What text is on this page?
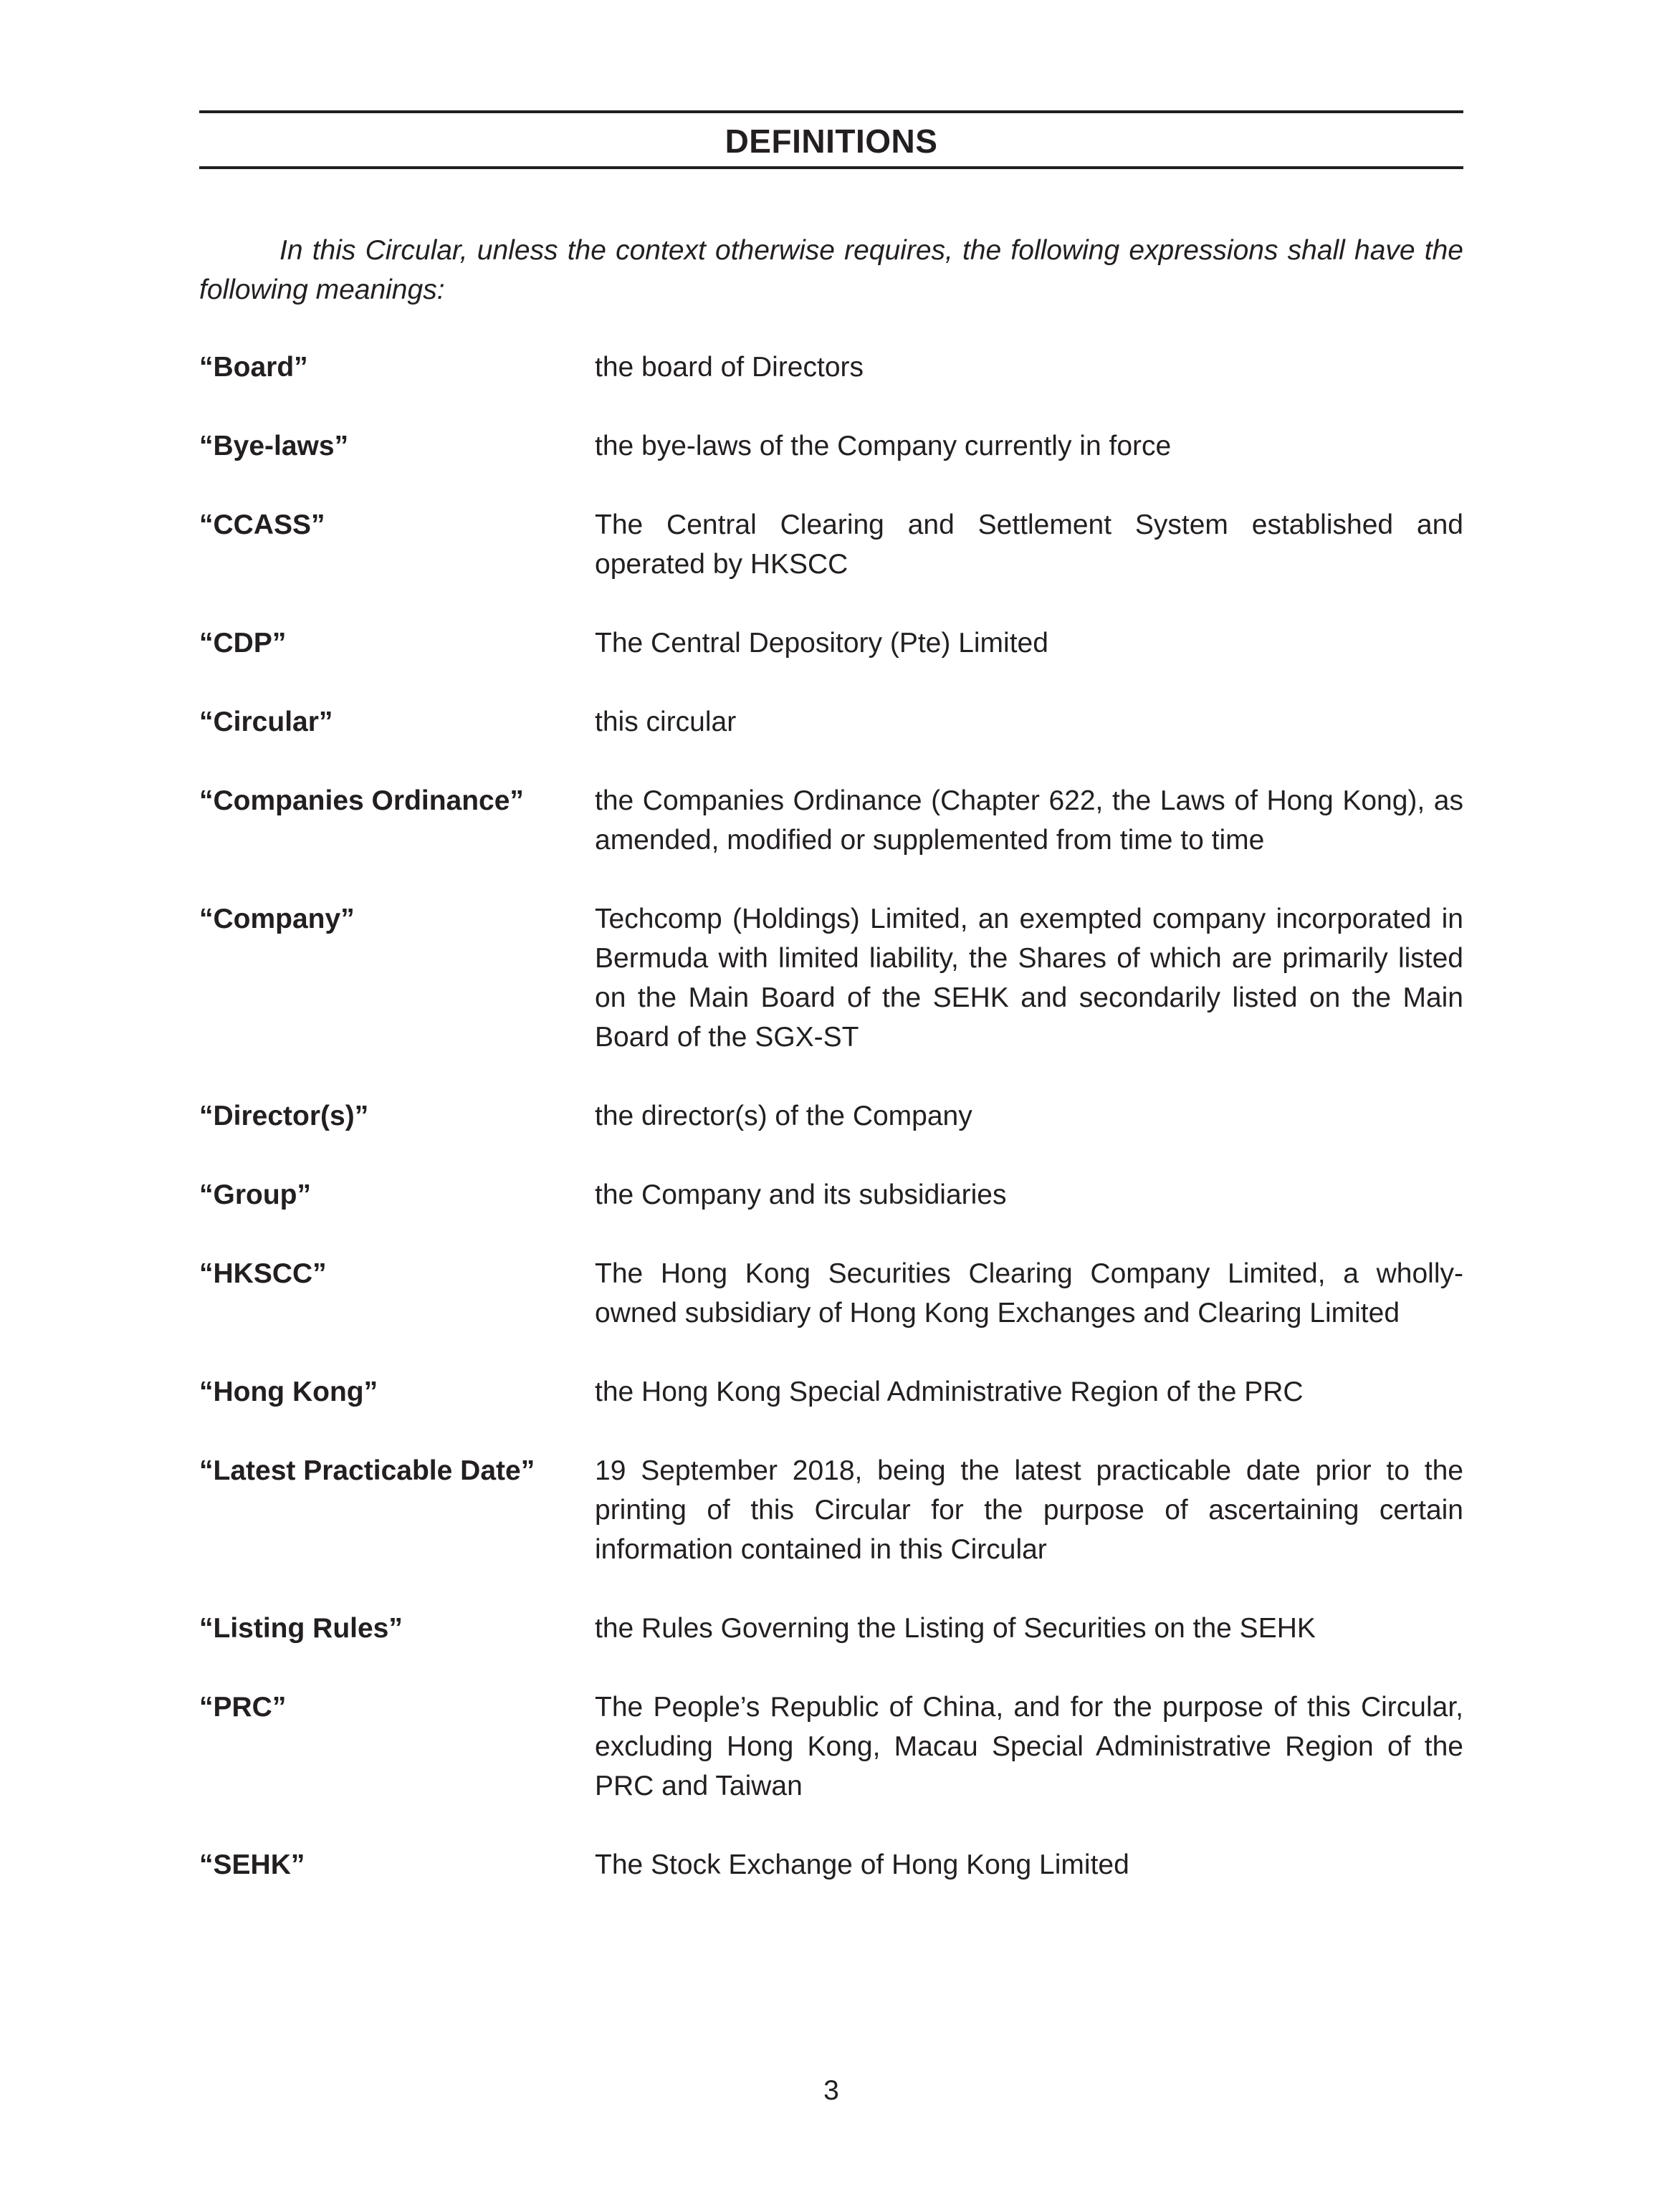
DEFINITIONS

In this Circular, unless the context otherwise requires, the following expressions shall have the following meanings:

“Board”	the board of Directors
“Bye-laws”	the bye-laws of the Company currently in force
“CCASS”	The Central Clearing and Settlement System established and operated by HKSCC
“CDP”	The Central Depository (Pte) Limited
“Circular”	this circular
“Companies Ordinance”	the Companies Ordinance (Chapter 622, the Laws of Hong Kong), as amended, modified or supplemented from time to time
“Company”	Techcomp (Holdings) Limited, an exempted company incorporated in Bermuda with limited liability, the Shares of which are primarily listed on the Main Board of the SEHK and secondarily listed on the Main Board of the SGX-ST
“Director(s)”	the director(s) of the Company
“Group”	the Company and its subsidiaries
“HKSCC”	The Hong Kong Securities Clearing Company Limited, a wholly-owned subsidiary of Hong Kong Exchanges and Clearing Limited
“Hong Kong”	the Hong Kong Special Administrative Region of the PRC
“Latest Practicable Date”	19 September 2018, being the latest practicable date prior to the printing of this Circular for the purpose of ascertaining certain information contained in this Circular
“Listing Rules”	the Rules Governing the Listing of Securities on the SEHK
“PRC”	The People’s Republic of China, and for the purpose of this Circular, excluding Hong Kong, Macau Special Administrative Region of the PRC and Taiwan
“SEHK”	The Stock Exchange of Hong Kong Limited
3
